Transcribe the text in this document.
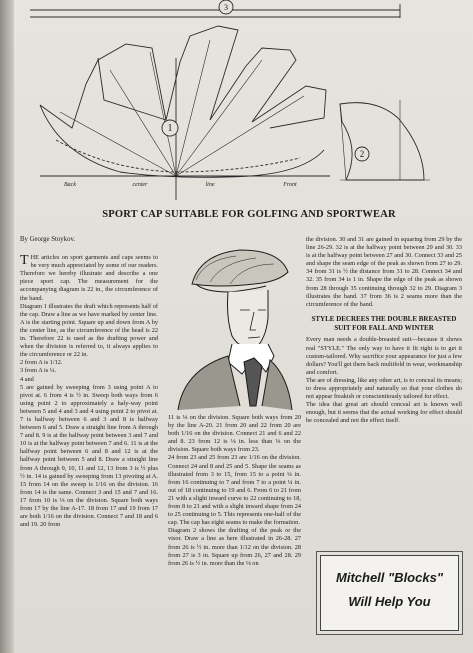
3
1
2
Back	center	line	Front
SPORT CAP SUITABLE FOR GOLFING AND SPORTWEAR
By George Stoykov.

THE articles on sport garments and caps seems to be very much appreciated by some of our readers. Therefore we hereby illustrate and describe a one piece sport cap. The measurement for the accompanying diagram is 22 in., the circumference of the band.

Diagram 1 illustrates the draft which represents half of the cap. Draw a line as we have marked by center line.

A is the starting point. Square up and down from A by the center line, as the circumference of the head is 22 in. Therefore 22 is used as the drafting power and when the division is referred to, it always applies to the circumference or 22 in.

2 from A is 1/12.

3 from A is ¼.

4 and

5 are gained by sweeping from 3 using point A to pivot at. 6 from 4 is ½ in. Sweep both ways from 6 using point 2 to approximately a haly-way point between 5 and 4 and 3 and 4 using point 2 to pivot at. 7 is halfway between 6 and 3 and 8 is halfway between 6 and 5. Draw a straight line from A through 7 and 8. 9 is at the halfway point between 3 and 7 and 10 is at the halfway point between 7 and 6. 11 is at the halfway point between 6 and 8 and 12 is at the halfway point between 5 and 8. Draw a straight line from A through 9, 10, 11 and 12, 13 from 3 is ½ plus ½ in. 14 is gained by sweeping from 13 pivoting at A. 15 from 14 on the sweep is 1/16 on the division. 16 from 14 is the same. Connect 3 and 15 and 7 and 16. 17 from 10 is ⅛ on the division. Square both ways from 17 by the line A-17. 18 from 17 and 19 from 17 are both 1/16 on the division. Connect 7 and 18 and 6 and 19. 20 from

11 is ⅛ on the division. Square both ways from 20 by the line A-20. 21 from 20 and 22 from 20 are both 1/16 on the division. Connect 21 and 6 and 22 and 8. 23 from 12 is ⅛ in. less than ⅛ on the division. Square both ways from 23.

24 from 23 and 25 from 23 are 1/16 on the division. Connect 24 and 8 and 25 and 5. Shape the seams as illustrated from 3 to 15, from 15 to a point ¼ in. from 16 continuing to 7 and from 7 to a point ¼ in. out of 18 continuing to 19 and 6. From 6 to 21 from 21 with a slight inward curve to 22 continuing to 18, from 8 to 21 and with a slight inward shape from 24 to 25 continuing to 5. This represents one-half of the cap. The cap has eight seams to make the formation.

Diagram 2 shows the drafting of the peak or the visor. Draw a line as here illustrated in 26-28. 27 from 26 is ½ in. more than 1/12 on the division. 28 from 27 is 3 in. Square up from 26, 27 and 28. 29 from 26 is ½ in. more than the ⅛ on

the division. 30 and 31 are gained in squaring from 29 by the line 26-29. 32 is at the halfway point between 29 and 30. 33 is at the halfway point between 27 and 30. Connect 33 and 25 and shape the seam edge of the peak as shown from 27 to 29. 34 from 31 is ½ the distance from 31 to 28. Connect 34 and 32. 35 from 34 is 1 in. Shape the edge of the peak as shown from 28 through 35 continuing through 32 to 29. Diagram 3 illustrates the band. 37 from 36 is 2 seams more than the circumference of the band.

STYLE DECREES THE DOUBLE BREASTED SUIT FOR FALL AND WINTER

Every man needs a double-breasted suit—because it shows real "STYLE." The only way to have it fit right is to get it custom-tailored. Why sacrifice your appearance for just a few dollars? You'll get them back multifold in wear, workmanship and comfort.

The are of dressing, like any other art, is to conceal its means; to dress appropriately and naturally so that your clothes do not appear freakish or conscientiously tailored for effect.

The idea that great art should conceal art is known well enough, but it seems that the actual working for effect should be concealed and not the effect itself.

Mitchell "Blocks"
Will Help You
